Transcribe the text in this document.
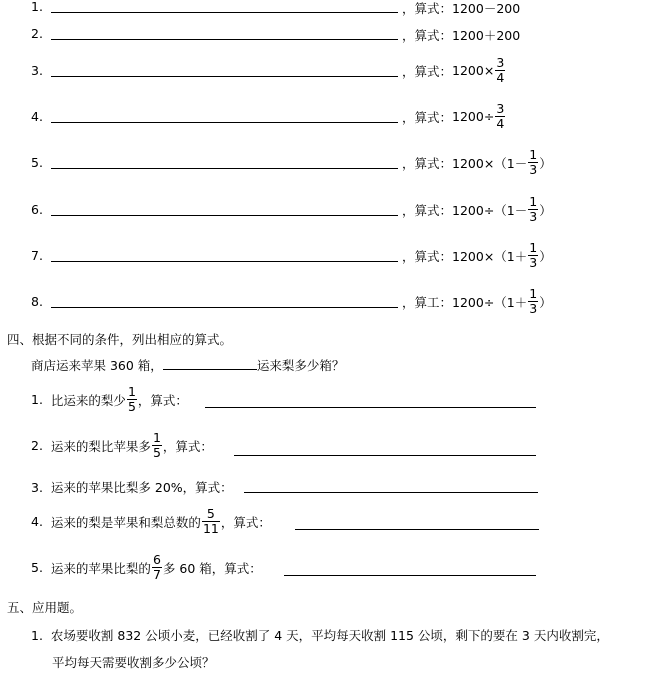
1.	，算式：1200－200
2.	，算式：1200＋200
3.	，算式：$1200\times \frac{3}{4}$
4.	，算式：$1200\div \frac{3}{4}$
5.	，算式：$1200\times(1- \frac{1}{3}$ ）
6.	，算式：$1200\div(1- \frac{1}{3}$ ）
7.	，算式：$1200\times(1+ \frac{1}{3}$ ）
8.	，算工：$1200\div(1+ \frac{1}{3}$ ）
四、根据不同的条件，列出相应的算式。
商店运来苹果 360 箱，	运来梨多少箱？
1. 比运来的梨少 $\frac{1}{5}$ ，算式：
2. 运来的梨比苹果多 $\frac{1}{5}$ ，算式：
3. 运来的苹果比梨多 20%，算式：
4. 运来的梨是苹果和梨总数的 $\frac{5}{11}$ ，算式：
5. 运来的苹果比梨的 $\frac{6}{7}$ 多 60 箱，算式：
五、应用题。
1. 农场要收割 832 公顷小麦，已经收割了 4 天，平均每天收割 115 公顷，剩下的要在 3 天内收割完，
平均每天需要收割多少公顷？
